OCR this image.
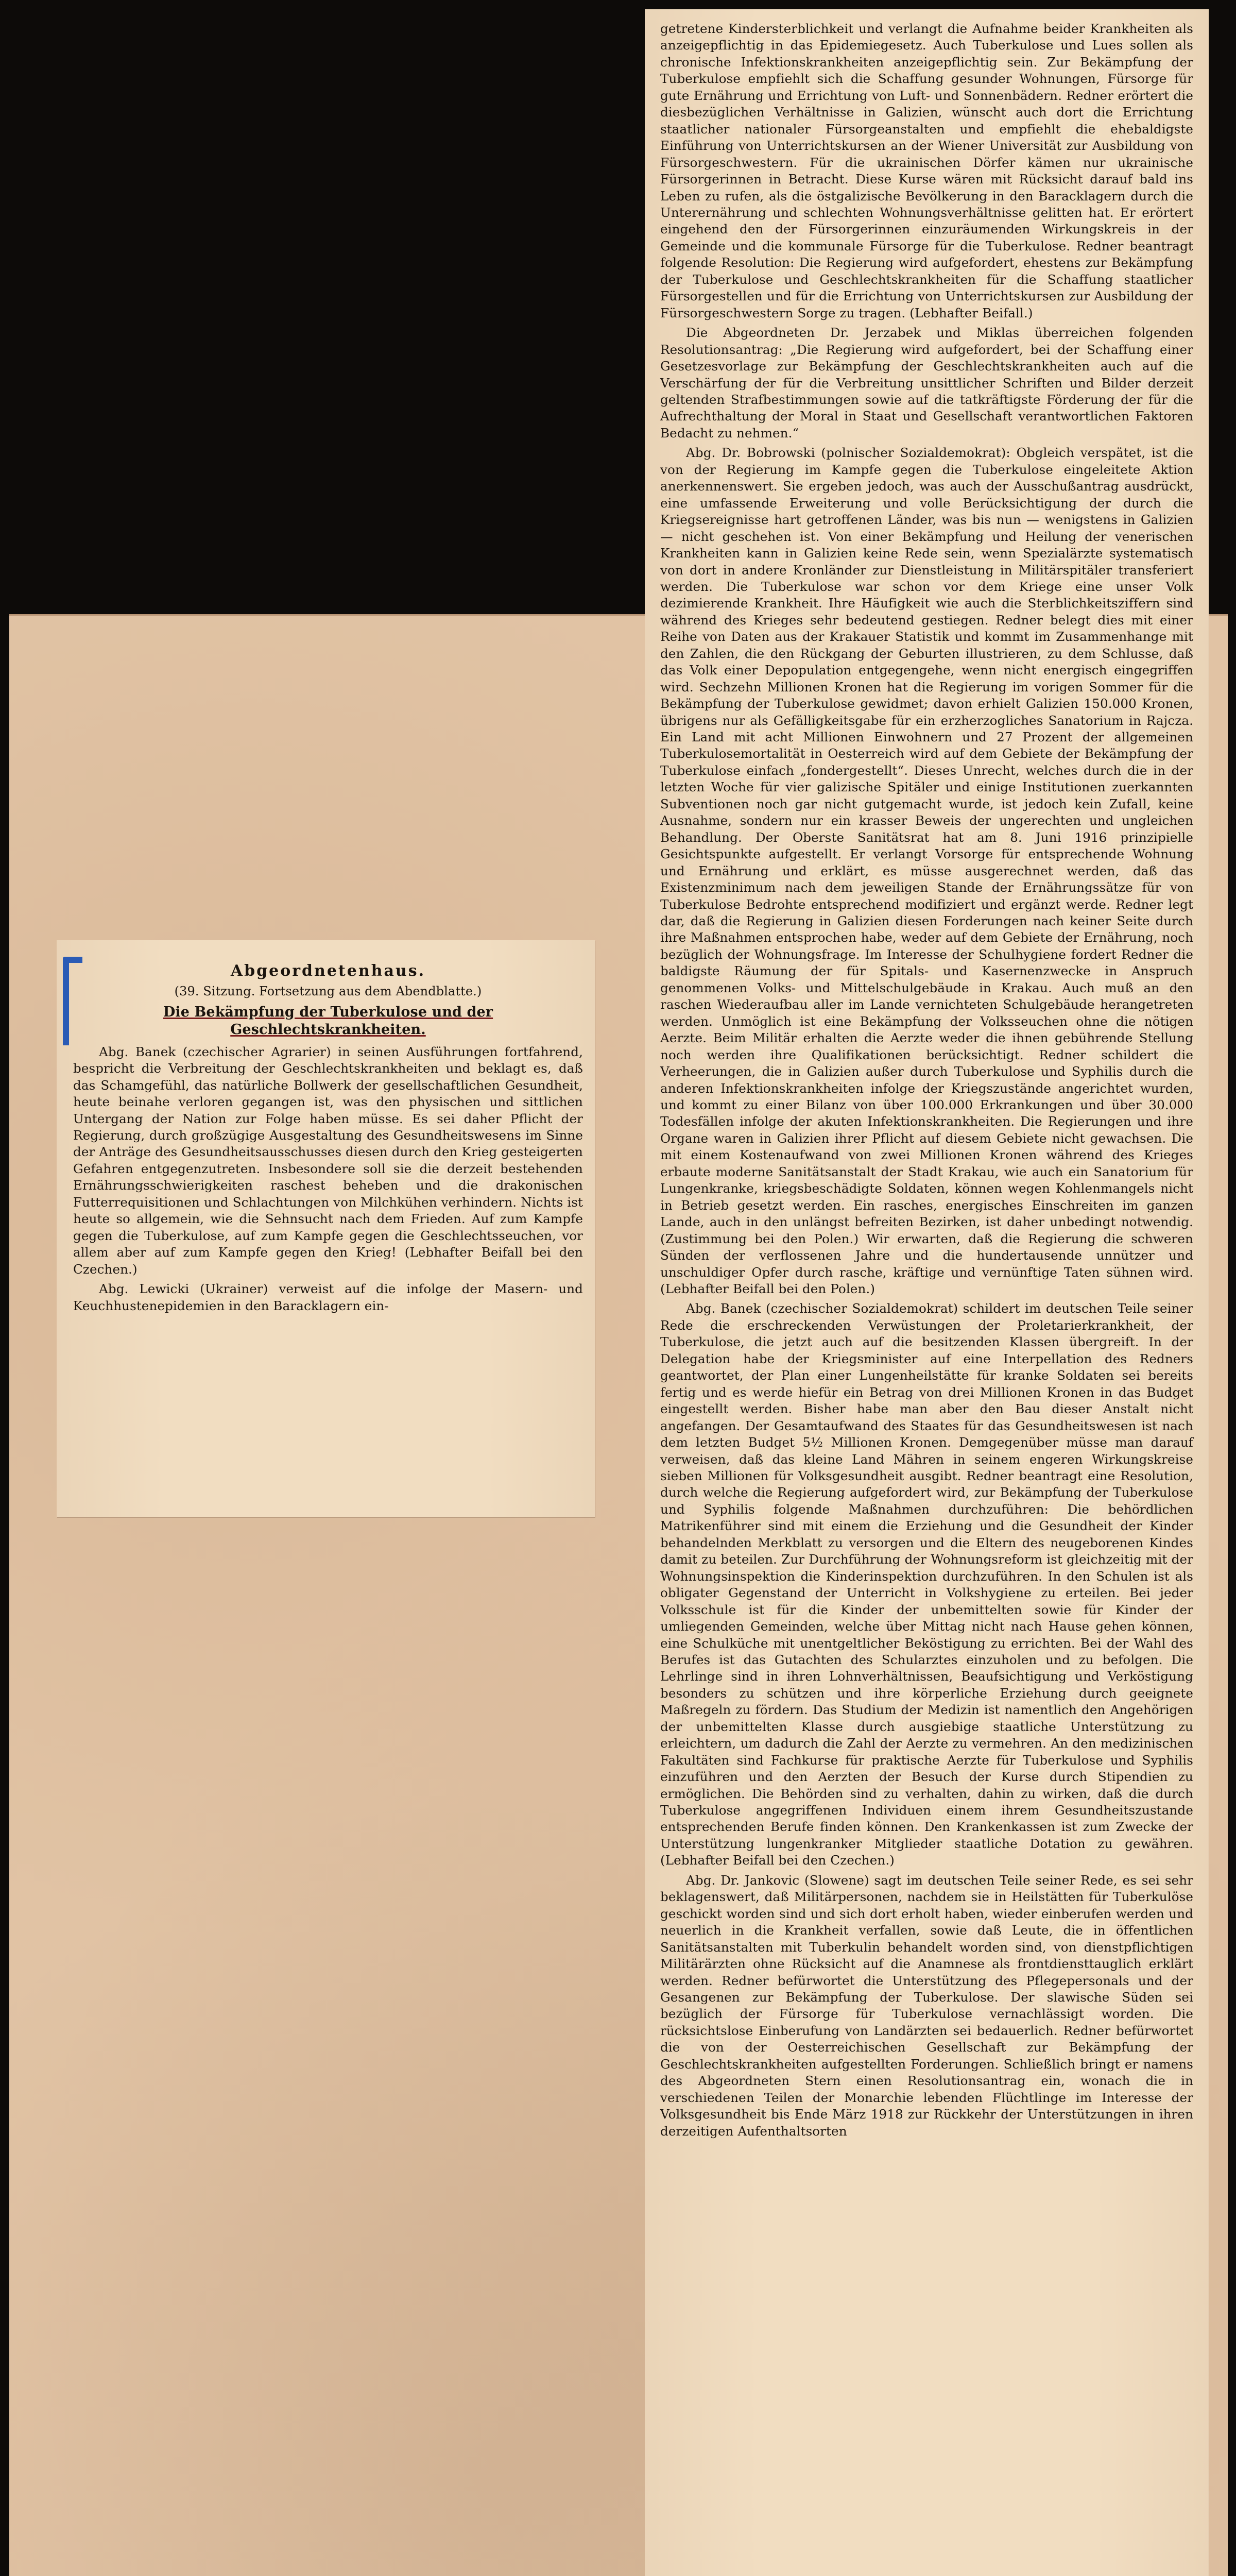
getretene Kindersterblichkeit und verlangt die Aufnahme beider Krankheiten als anzeigepflichtig in das Epidemiegesetz. Auch Tuberkulose und Lues sollen als chronische Infektionskrankheiten anzeigepflichtig sein. Zur Bekämpfung der Tuberkulose empfiehlt sich die Schaffung gesunder Wohnungen, Fürsorge für gute Ernährung und Errichtung von Luft- und Sonnenbädern. Redner erörtert die diesbezüglichen Verhältnisse in Galizien, wünscht auch dort die Errichtung staatlicher nationaler Fürsorgeanstalten und empfiehlt die ehebaldigste Einführung von Unterrichtskursen an der Wiener Universität zur Ausbildung von Fürsorgeschwestern. Für die ukrainischen Dörfer kämen nur ukrainische Fürsorgerinnen in Betracht. Diese Kurse wären mit Rücksicht darauf bald ins Leben zu rufen, als die östgalizische Bevölkerung in den Baracklagern durch die Unterernährung und schlechten Wohnungsverhältnisse gelitten hat. Er erörtert eingehend den der Fürsorgerinnen einzuräumenden Wirkungskreis in der Gemeinde und die kommunale Fürsorge für die Tuberkulose. Redner beantragt folgende Resolution: Die Regierung wird aufgefordert, ehestens zur Bekämpfung der Tuberkulose und Geschlechtskrankheiten für die Schaffung staatlicher Fürsorgestellen und für die Errichtung von Unterrichtskursen zur Ausbildung der Fürsorgeschwestern Sorge zu tragen. (Lebhafter Beifall.)

Die Abgeordneten Dr. Jerzabek und Miklas überreichen folgenden Resolutionsantrag: „Die Regierung wird aufgefordert, bei der Schaffung einer Gesetzesvorlage zur Bekämpfung der Geschlechtskrankheiten auch auf die Verschärfung der für die Verbreitung unsittlicher Schriften und Bilder derzeit geltenden Strafbestimmungen sowie auf die tatkräftigste Förderung der für die Aufrechthaltung der Moral in Staat und Gesellschaft verantwortlichen Faktoren Bedacht zu nehmen.“

Abg. Dr. Bobrowski (polnischer Sozialdemokrat): Obgleich verspätet, ist die von der Regierung im Kampfe gegen die Tuberkulose eingeleitete Aktion anerkennenswert. Sie ergeben jedoch, was auch der Ausschußantrag ausdrückt, eine umfassende Erweiterung und volle Berücksichtigung der durch die Kriegsereignisse hart getroffenen Länder, was bis nun — wenigstens in Galizien — nicht geschehen ist. Von einer Bekämpfung und Heilung der venerischen Krankheiten kann in Galizien keine Rede sein, wenn Spezialärzte systematisch von dort in andere Kronländer zur Dienstleistung in Militärspitäler transferiert werden. Die Tuberkulose war schon vor dem Kriege eine unser Volk dezimierende Krankheit. Ihre Häufigkeit wie auch die Sterblichkeitsziffern sind während des Krieges sehr bedeutend gestiegen. Redner belegt dies mit einer Reihe von Daten aus der Krakauer Statistik und kommt im Zusammenhange mit den Zahlen, die den Rückgang der Geburten illustrieren, zu dem Schlusse, daß das Volk einer Depopulation entgegengehe, wenn nicht energisch eingegriffen wird. Sechzehn Millionen Kronen hat die Regierung im vorigen Sommer für die Bekämpfung der Tuberkulose gewidmet; davon erhielt Galizien 150.000 Kronen, übrigens nur als Gefälligkeitsgabe für ein erzherzogliches Sanatorium in Rajcza. Ein Land mit acht Millionen Einwohnern und 27 Prozent der allgemeinen Tuberkulosemortalität in Oesterreich wird auf dem Gebiete der Bekämpfung der Tuberkulose einfach „fondergestellt“. Dieses Unrecht, welches durch die in der letzten Woche für vier galizische Spitäler und einige Institutionen zuerkannten Subventionen noch gar nicht gutgemacht wurde, ist jedoch kein Zufall, keine Ausnahme, sondern nur ein krasser Beweis der ungerechten und ungleichen Behandlung. Der Oberste Sanitätsrat hat am 8. Juni 1916 prinzipielle Gesichtspunkte aufgestellt. Er verlangt Vorsorge für entsprechende Wohnung und Ernährung und erklärt, es müsse ausgerechnet werden, daß das Existenzminimum nach dem jeweiligen Stande der Ernährungssätze für von Tuberkulose Bedrohte entsprechend modifiziert und ergänzt werde. Redner legt dar, daß die Regierung in Galizien diesen Forderungen nach keiner Seite durch ihre Maßnahmen entsprochen habe, weder auf dem Gebiete der Ernährung, noch bezüglich der Wohnungsfrage. Im Interesse der Schulhygiene fordert Redner die baldigste Räumung der für Spitals- und Kasernenzwecke in Anspruch genommenen Volks- und Mittelschulgebäude in Krakau. Auch muß an den raschen Wiederaufbau aller im Lande vernichteten Schulgebäude herangetreten werden. Unmöglich ist eine Bekämpfung der Volksseuchen ohne die nötigen Aerzte. Beim Militär erhalten die Aerzte weder die ihnen gebührende Stellung noch werden ihre Qualifikationen berücksichtigt. Redner schildert die Verheerungen, die in Galizien außer durch Tuberkulose und Syphilis durch die anderen Infektionskrankheiten infolge der Kriegszustände angerichtet wurden, und kommt zu einer Bilanz von über 100.000 Erkrankungen und über 30.000 Todesfällen infolge der akuten Infektionskrankheiten. Die Regierungen und ihre Organe waren in Galizien ihrer Pflicht auf diesem Gebiete nicht gewachsen. Die mit einem Kostenaufwand von zwei Millionen Kronen während des Krieges erbaute moderne Sanitätsanstalt der Stadt Krakau, wie auch ein Sanatorium für Lungenkranke, kriegsbeschädigte Soldaten, können wegen Kohlenmangels nicht in Betrieb gesetzt werden. Ein rasches, energisches Einschreiten im ganzen Lande, auch in den unlängst befreiten Bezirken, ist daher unbedingt notwendig. (Zustimmung bei den Polen.) Wir erwarten, daß die Regierung die schweren Sünden der verflossenen Jahre und die hundertausende unnützer und unschuldiger Opfer durch rasche, kräftige und vernünftige Taten sühnen wird. (Lebhafter Beifall bei den Polen.)

Abg. Banek (czechischer Sozialdemokrat) schildert im deutschen Teile seiner Rede die erschreckenden Verwüstungen der Proletarierkrankheit, der Tuberkulose, die jetzt auch auf die besitzenden Klassen übergreift. In der Delegation habe der Kriegsminister auf eine Interpellation des Redners geantwortet, der Plan einer Lungenheilstätte für kranke Soldaten sei bereits fertig und es werde hiefür ein Betrag von drei Millionen Kronen in das Budget eingestellt werden. Bisher habe man aber den Bau dieser Anstalt nicht angefangen. Der Gesamtaufwand des Staates für das Gesundheitswesen ist nach dem letzten Budget 5½ Millionen Kronen. Demgegenüber müsse man darauf verweisen, daß das kleine Land Mähren in seinem engeren Wirkungskreise sieben Millionen für Volksgesundheit ausgibt. Redner beantragt eine Resolution, durch welche die Regierung aufgefordert wird, zur Bekämpfung der Tuberkulose und Syphilis folgende Maßnahmen durchzuführen: Die behördlichen Matrikenführer sind mit einem die Erziehung und die Gesundheit der Kinder behandelnden Merkblatt zu versorgen und die Eltern des neugeborenen Kindes damit zu beteilen. Zur Durchführung der Wohnungsreform ist gleichzeitig mit der Wohnungsinspektion die Kinderinspektion durchzuführen. In den Schulen ist als obligater Gegenstand der Unterricht in Volkshygiene zu erteilen. Bei jeder Volksschule ist für die Kinder der unbemittelten sowie für Kinder der umliegenden Gemeinden, welche über Mittag nicht nach Hause gehen können, eine Schulküche mit unentgeltlicher Beköstigung zu errichten. Bei der Wahl des Berufes ist das Gutachten des Schularztes einzuholen und zu befolgen. Die Lehrlinge sind in ihren Lohnverhältnissen, Beaufsichtigung und Verköstigung besonders zu schützen und ihre körperliche Erziehung durch geeignete Maßregeln zu fördern. Das Studium der Medizin ist namentlich den Angehörigen der unbemittelten Klasse durch ausgiebige staatliche Unterstützung zu erleichtern, um dadurch die Zahl der Aerzte zu vermehren. An den medizinischen Fakultäten sind Fachkurse für praktische Aerzte für Tuberkulose und Syphilis einzuführen und den Aerzten der Besuch der Kurse durch Stipendien zu ermöglichen. Die Behörden sind zu verhalten, dahin zu wirken, daß die durch Tuberkulose angegriffenen Individuen einem ihrem Gesundheitszustande entsprechenden Berufe finden können. Den Krankenkassen ist zum Zwecke der Unterstützung lungenkranker Mitglieder staatliche Dotation zu gewähren. (Lebhafter Beifall bei den Czechen.)

Abg. Dr. Jankovic (Slowene) sagt im deutschen Teile seiner Rede, es sei sehr beklagenswert, daß Militärpersonen, nachdem sie in Heilstätten für Tuberkulöse geschickt worden sind und sich dort erholt haben, wieder einberufen werden und neuerlich in die Krankheit verfallen, sowie daß Leute, die in öffentlichen Sanitätsanstalten mit Tuberkulin behandelt worden sind, von dienstpflichtigen Militärärzten ohne Rücksicht auf die Anamnese als frontdiensttauglich erklärt werden. Redner befürwortet die Unterstützung des Pflegepersonals und der Gesangenen zur Bekämpfung der Tuberkulose. Der slawische Süden sei bezüglich der Fürsorge für Tuberkulose vernachlässigt worden. Die rücksichtslose Einberufung von Landärzten sei bedauerlich. Redner befürwortet die von der Oesterreichischen Gesellschaft zur Bekämpfung der Geschlechtskrankheiten aufgestellten Forderungen. Schließlich bringt er namens des Abgeordneten Stern einen Resolutionsantrag ein, wonach die in verschiedenen Teilen der Monarchie lebenden Flüchtlinge im Interesse der Volksgesundheit bis Ende März 1918 zur Rückkehr der Unterstützungen in ihren derzeitigen Aufenthaltsorten

Abgeordnetenhaus.
(39. Sitzung. Fortsetzung aus dem Abendblatte.)
Die Bekämpfung der Tuberkulose und der Geschlechtskrankheiten.

Abg. Banek (czechischer Agrarier) in seinen Ausführungen fortfahrend, bespricht die Verbreitung der Geschlechtskrankheiten und beklagt es, daß das Schamgefühl, das natürliche Bollwerk der gesellschaftlichen Gesundheit, heute beinahe verloren gegangen ist, was den physischen und sittlichen Untergang der Nation zur Folge haben müsse. Es sei daher Pflicht der Regierung, durch großzügige Ausgestaltung des Gesundheitswesens im Sinne der Anträge des Gesundheitsausschusses diesen durch den Krieg gesteigerten Gefahren entgegenzutreten. Insbesondere soll sie die derzeit bestehenden Ernährungsschwierigkeiten raschest beheben und die drakonischen Futterrequisitionen und Schlachtungen von Milchkühen verhindern. Nichts ist heute so allgemein, wie die Sehnsucht nach dem Frieden. Auf zum Kampfe gegen die Tuberkulose, auf zum Kampfe gegen die Geschlechtsseuchen, vor allem aber auf zum Kampfe gegen den Krieg! (Lebhafter Beifall bei den Czechen.)

Abg. Lewicki (Ukrainer) verweist auf die infolge der Masern- und Keuchhustenepidemien in den Baracklagern ein-
